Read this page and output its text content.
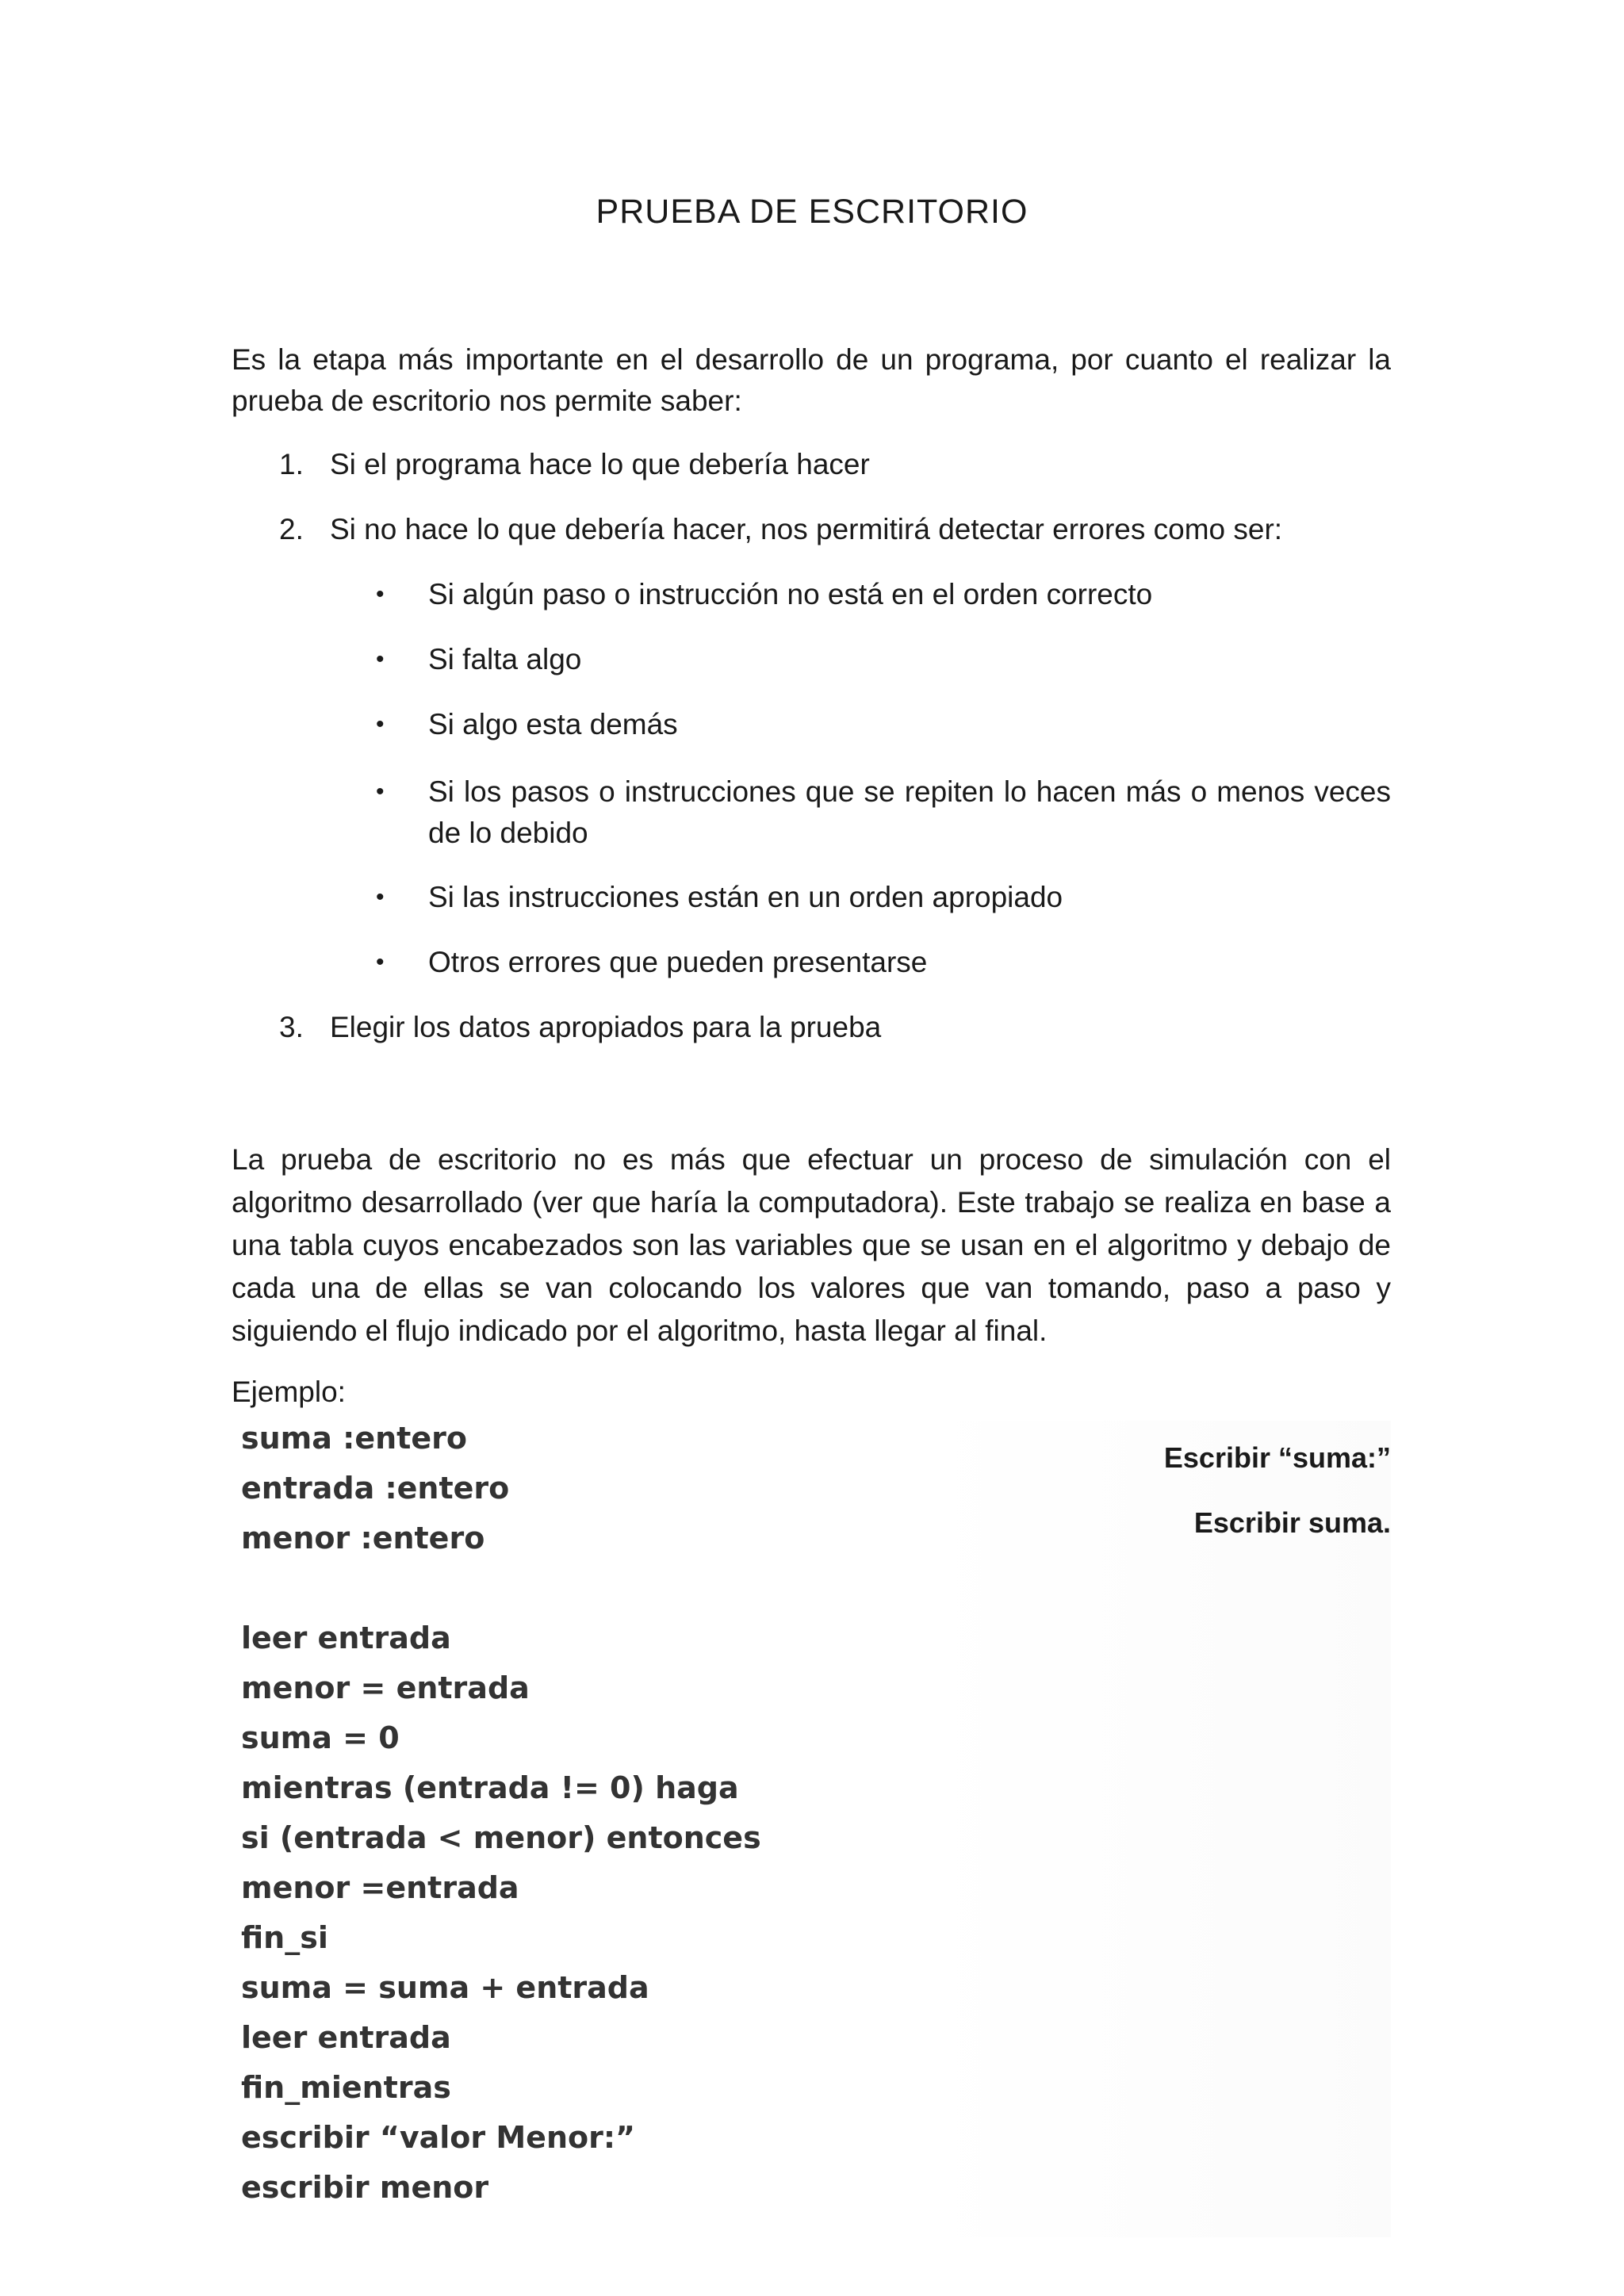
PRUEBA DE ESCRITORIO
Es la etapa más importante en el desarrollo de un programa, por cuanto el realizar la prueba de escritorio nos permite saber:
1. Si el programa hace lo que debería hacer
2. Si no hace lo que debería hacer, nos permitirá detectar errores como ser:
• Si algún paso o instrucción no está en el orden correcto
• Si falta algo
• Si algo esta demás
• Si los pasos o instrucciones que se repiten lo hacen más o menos veces de lo debido
• Si las instrucciones están en un orden apropiado
• Otros errores que pueden presentarse
3. Elegir los datos apropiados para la prueba
La prueba de escritorio no es más que efectuar un proceso de simulación con el algoritmo desarrollado (ver que haría la computadora). Este trabajo se realiza en base a una tabla cuyos encabezados son las variables que se usan en el algoritmo y debajo de cada una de ellas se van colocando los valores que van tomando, paso a paso y siguiendo el flujo indicado por el algoritmo, hasta llegar al final.
Ejemplo:
suma :entero
entrada :entero
menor :entero
leer entrada
menor = entrada
suma = 0
mientras (entrada != 0) haga
si (entrada < menor) entonces
menor =entrada
fin_si
suma = suma + entrada
leer entrada
fin_mientras
escribir “valor Menor:”
escribir menor
Escribir “suma:”
Escribir suma.
